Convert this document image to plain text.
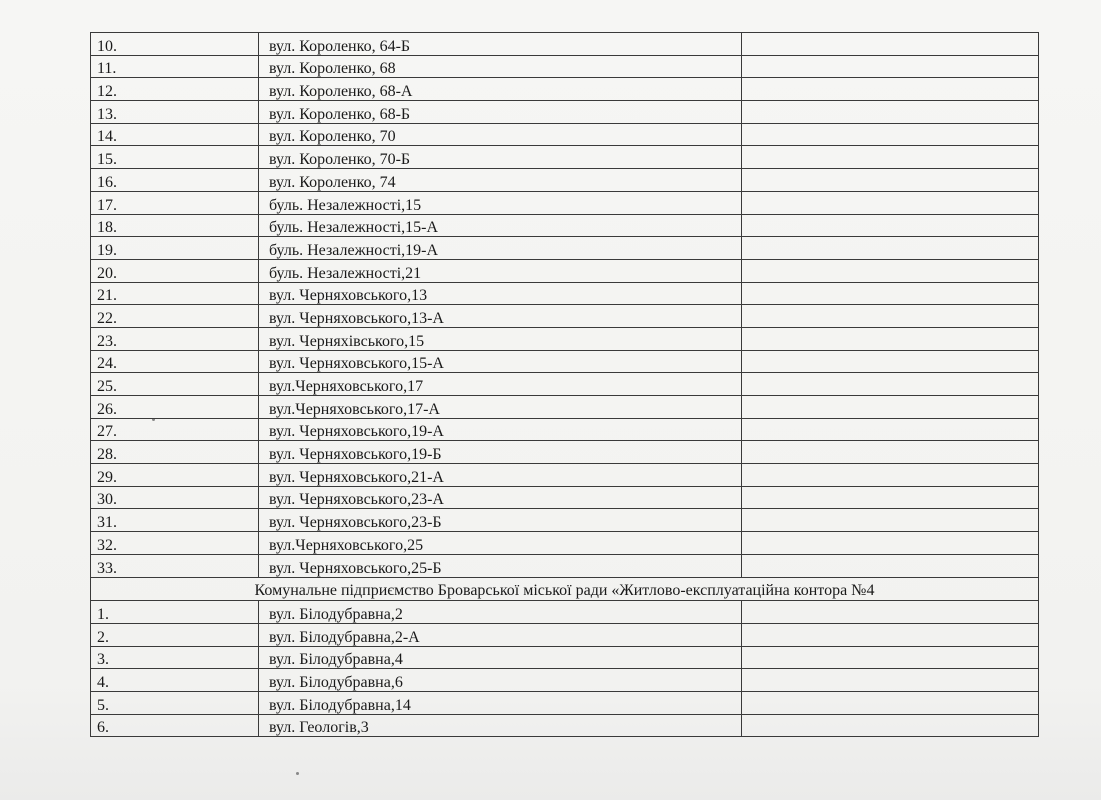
10.	вул. Короленко, 64-Б	
11.	вул. Короленко, 68	
12.	вул. Короленко, 68-А	
13.	вул. Короленко, 68-Б	
14.	вул. Короленко, 70	
15.	вул. Короленко, 70-Б	
16.	вул. Короленко, 74	
17.	буль. Незалежності,15	
18.	буль. Незалежності,15-А	
19.	буль. Незалежності,19-А	
20.	буль. Незалежності,21	
21.	вул. Черняховського,13	
22.	вул. Черняховського,13-А	
23.	вул. Черняхівського,15	
24.	вул. Черняховського,15-А	
25.	вул.Черняховського,17	
26.	вул.Черняховського,17-А	
27.	вул. Черняховського,19-А	
28.	вул. Черняховського,19-Б	
29.	вул. Черняховського,21-А	
30.	вул. Черняховського,23-А	
31.	вул. Черняховського,23-Б	
32.	вул.Черняховського,25	
33.	вул. Черняховського,25-Б	
Комунальне підприємство Броварської міської ради «Житлово-експлуатаційна контора №4		
1.	вул. Білодубравна,2	
2.	вул. Білодубравна,2-А	
3.	вул. Білодубравна,4	
4.	вул. Білодубравна,6	
5.	вул. Білодубравна,14	
6.	вул. Геологів,3	
